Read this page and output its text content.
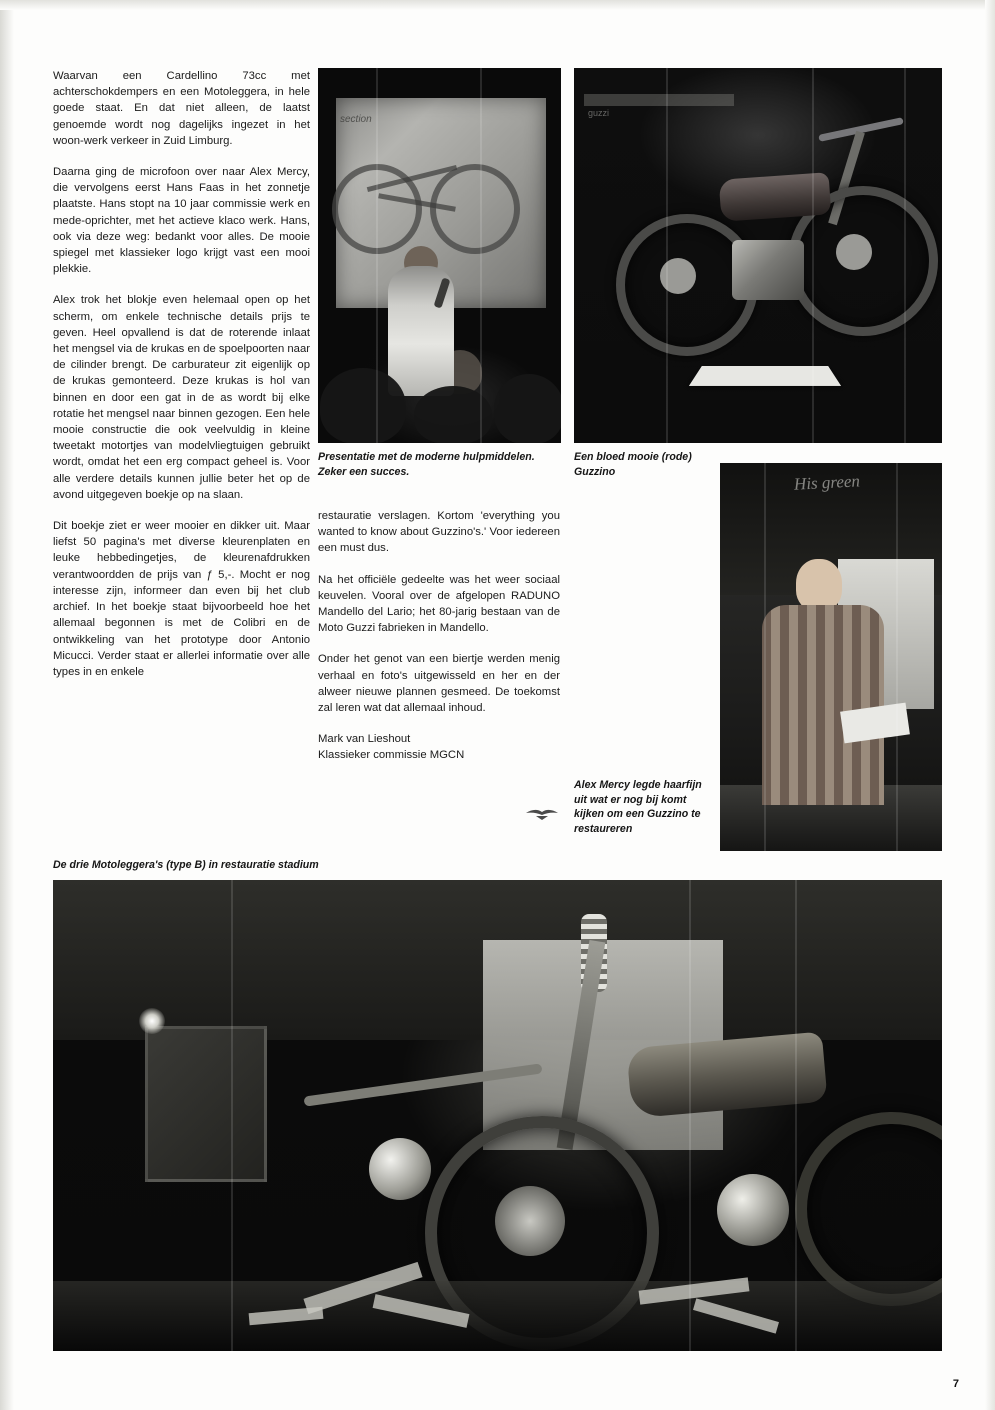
Waarvan een Cardellino 73cc met achterschokdempers en een Motoleggera, in hele goede staat. En dat niet alleen, de laatst genoemde wordt nog dagelijks ingezet in het woon-werk verkeer in Zuid Limburg.

Daarna ging de microfoon over naar Alex Mercy, die vervolgens eerst Hans Faas in het zonnetje plaatste. Hans stopt na 10 jaar commissie werk en mede-oprichter, met het actieve klaco werk. Hans, ook via deze weg: bedankt voor alles. De mooie spiegel met klassieker logo krijgt vast een mooi plekkie.

Alex trok het blokje even helemaal open op het scherm, om enkele technische details prijs te geven. Heel opvallend is dat de roterende inlaat het mengsel via de krukas en de spoelpoorten naar de cilinder brengt. De carburateur zit eigenlijk op de krukas gemonteerd. Deze krukas is hol van binnen en door een gat in de as wordt bij elke rotatie het mengsel naar binnen gezogen. Een hele mooie constructie die ook veelvuldig in kleine tweetakt motortjes van modelvliegtuigen gebruikt wordt, omdat het een erg compact geheel is. Voor alle verdere details kunnen jullie beter het op de avond uitgegeven boekje op na slaan.

Dit boekje ziet er weer mooier en dikker uit. Maar liefst 50 pagina's met diverse kleurenplaten en leuke hebbedingetjes, de kleurenafdrukken verantwoordden de prijs van ƒ 5,-. Mocht er nog interesse zijn, informeer dan even bij het club archief. In het boekje staat bijvoorbeeld hoe het allemaal begonnen is met de Colibri en de ontwikkeling van het prototype door Antonio Micucci. Verder staat er allerlei informatie over alle types in en enkele

restauratie verslagen. Kortom 'everything you wanted to know about Guzzino's.' Voor iedereen een must dus.

Na het officiële gedeelte was het weer sociaal keuvelen. Vooral over de afgelopen RADUNO Mandello del Lario; het 80-jarig bestaan van de Moto Guzzi fabrieken in Mandello.

Onder het genot van een biertje werden menig verhaal en foto's uitgewisseld en her en der alweer nieuwe plannen gesmeed. De toekomst zal leren wat dat allemaal inhoud.

Mark van Lieshout

Klassieker commissie MGCN

section
guzzi
His green
Presentatie met de moderne hulpmiddelen. Zeker een succes.
Een bloed mooie (rode) Guzzino
Alex Mercy legde haarfijn uit wat er nog bij komt kijken om een Guzzino te restaureren
De drie Motoleggera's (type B) in restauratie stadium
7
